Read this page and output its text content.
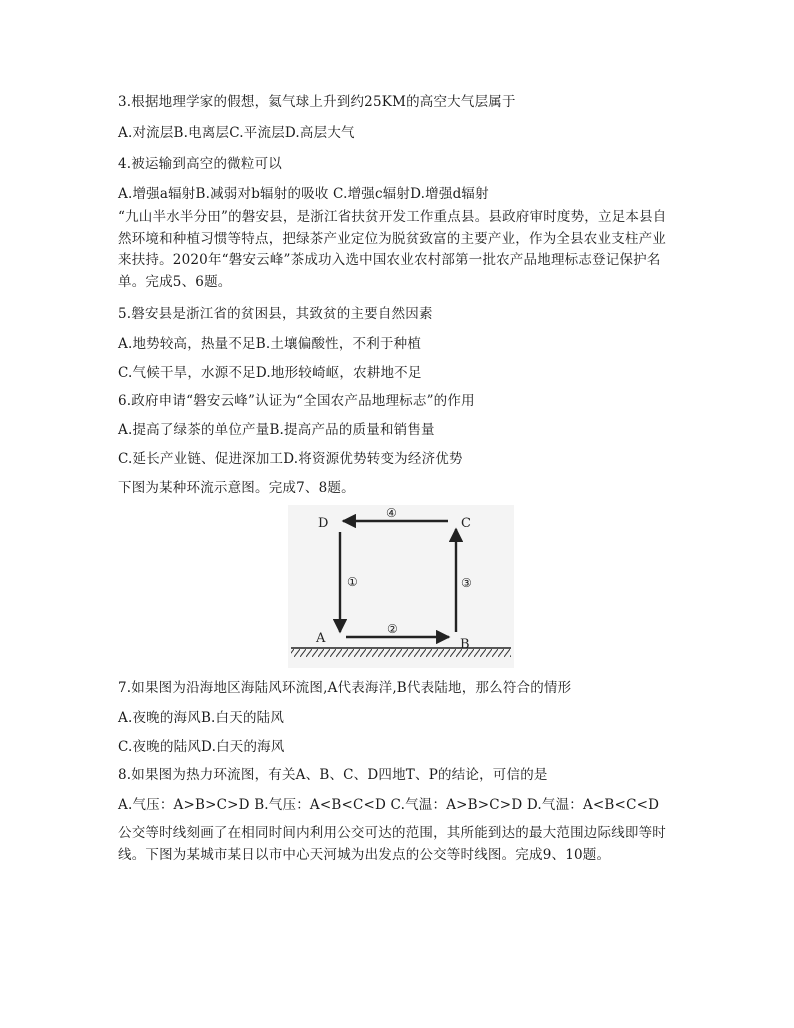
3.根据地理学家的假想，氦气球上升到约25KM的高空大气层属于
A.对流层B.电离层C.平流层D.高层大气
4.被运输到高空的微粒可以
A.增强a辐射B.减弱对b辐射的吸收 C.增强c辐射D.增强d辐射
“九山半水半分田”的磐安县，是浙江省扶贫开发工作重点县。县政府审时度势，立足本县自然环境和种植习惯等特点，把绿茶产业定位为脱贫致富的主要产业，作为全县农业支柱产业来扶持。2020年“磐安云峰”茶成功入选中国农业农村部第一批农产品地理标志登记保护名单。完成5、6题。
5.磐安县是浙江省的贫困县，其致贫的主要自然因素
A.地势较高，热量不足B.土壤偏酸性，不利于种植
C.气候干旱，水源不足D.地形较崎岖，农耕地不足
6.政府申请“磐安云峰”认证为“全国农产品地理标志”的作用
A.提高了绿茶的单位产量B.提高产品的质量和销售量
C.延长产业链、促进深加工D.将资源优势转变为经济优势
下图为某种环流示意图。完成7、8题。
D	C
A	B
④
①	③
②
7.如果图为沿海地区海陆风环流图,A代表海洋,B代表陆地，那么符合的情形
A.夜晚的海风B.白天的陆风
C.夜晚的陆风D.白天的海风
8.如果图为热力环流图，有关A、B、C、D四地T、P的结论，可信的是
A.气压：A>B>C>D B.气压：A<B<C<D C.气温：A>B>C>D D.气温：A<B<C<D
公交等时线刻画了在相同时间内利用公交可达的范围，其所能到达的最大范围边际线即等时线。下图为某城市某日以市中心天河城为出发点的公交等时线图。完成9、10题。
